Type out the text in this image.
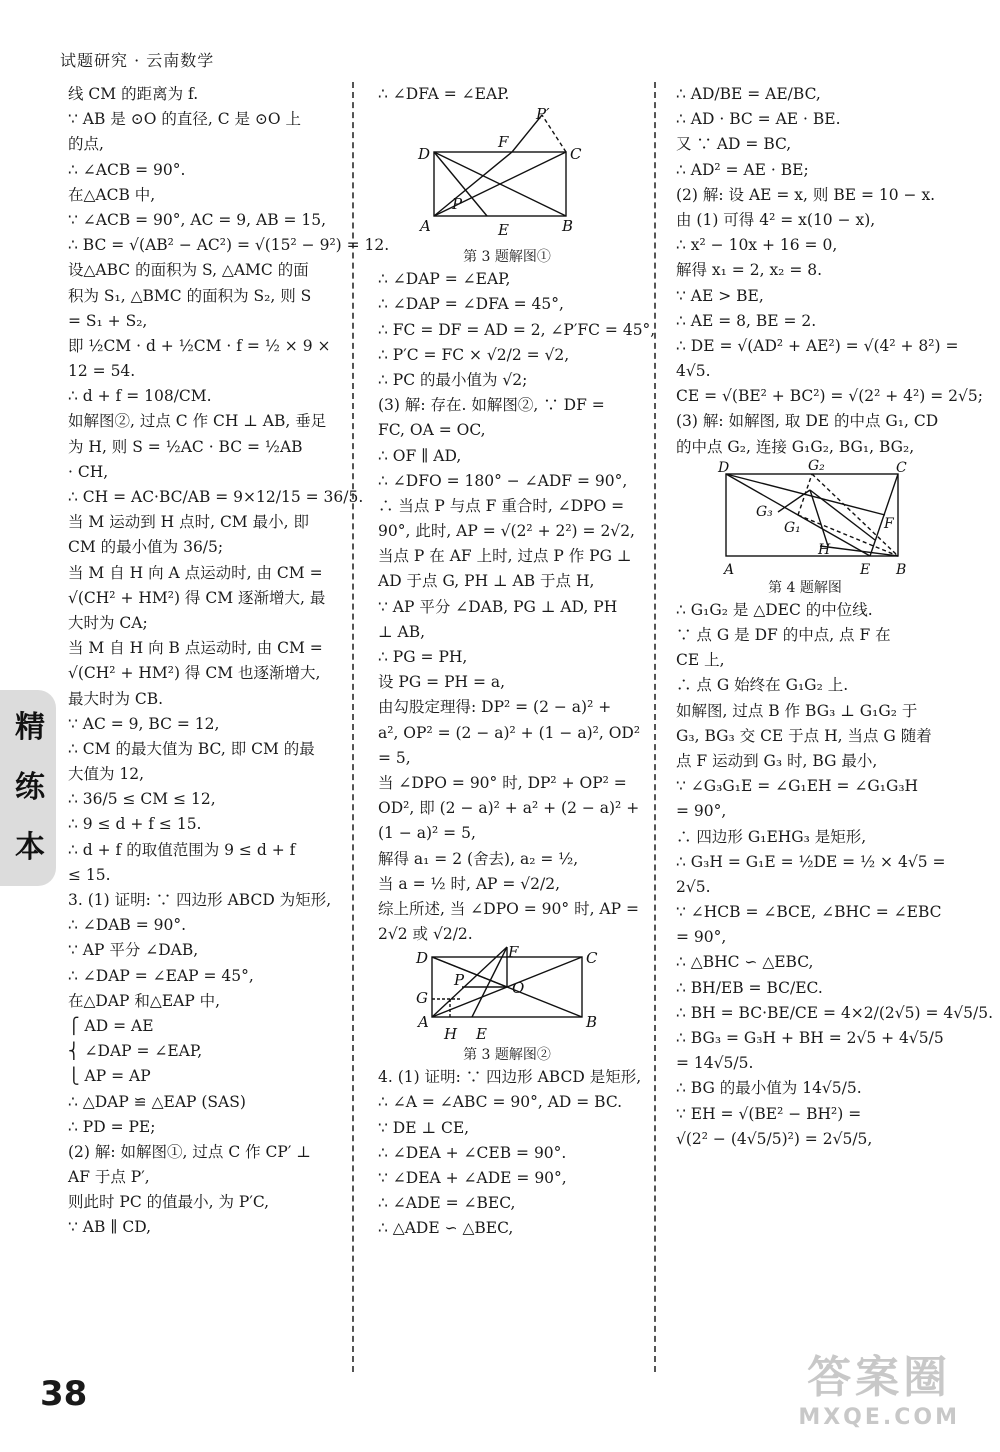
试题研究 · 云南数学
精
练
本
线 CM 的距离为 f.
∵ AB 是 ⊙O 的直径, C 是 ⊙O 上
的点,
∴ ∠ACB = 90°.
在△ACB 中,
∵ ∠ACB = 90°, AC = 9, AB = 15,
∴ BC = √(AB² − AC²) = √(15² − 9²) = 12.
设△ABC 的面积为 S, △AMC 的面
积为 S₁, △BMC 的面积为 S₂, 则 S
= S₁ + S₂,
即 ½CM · d + ½CM · f = ½ × 9 ×
12 = 54.
∴ d + f = 108/CM.
如解图②, 过点 C 作 CH ⊥ AB, 垂足
为 H, 则 S = ½AC · BC = ½AB
· CH,
∴ CH = AC·BC/AB = 9×12/15 = 36/5.
当 M 运动到 H 点时, CM 最小, 即
CM 的最小值为 36/5;
当 M 自 H 向 A 点运动时, 由 CM =
√(CH² + HM²) 得 CM 逐渐增大, 最
大时为 CA;
当 M 自 H 向 B 点运动时, 由 CM =
√(CH² + HM²) 得 CM 也逐渐增大,
最大时为 CB.
∵ AC = 9, BC = 12,
∴ CM 的最大值为 BC, 即 CM 的最
大值为 12,
∴ 36/5 ≤ CM ≤ 12,
∴ 9 ≤ d + f ≤ 15.
∴ d + f 的取值范围为 9 ≤ d + f
≤ 15.
3. (1) 证明: ∵ 四边形 ABCD 为矩形,
∴ ∠DAB = 90°.
∵ AP 平分 ∠DAB,
∴ ∠DAP = ∠EAP = 45°,
在△DAP 和△EAP 中,
⎧ AD = AE
⎨ ∠DAP = ∠EAP,
⎩ AP = AP
∴ △DAP ≌ △EAP (SAS)
∴ PD = PE;
(2) 解: 如解图①, 过点 C 作 CP′ ⊥
AF 于点 P′,
则此时 PC 的值最小, 为 P′C,
∵ AB ∥ CD,
∴ ∠DFA = ∠EAP.
P′
F
D	C
A
P
E	B
第 3 题解图①
∴ ∠DAP = ∠EAP,
∴ ∠DAP = ∠DFA = 45°,
∴ FC = DF = AD = 2, ∠P′FC = 45°,
∴ P′C = FC × √2/2 = √2,
∴ PC 的最小值为 √2;
(3) 解: 存在. 如解图②, ∵ DF =
FC, OA = OC,
∴ OF ∥ AD,
∴ ∠DFO = 180° − ∠ADF = 90°,
∴ 当点 P 与点 F 重合时, ∠DPO =
90°, 此时, AP = √(2² + 2²) = 2√2,
当点 P 在 AF 上时, 过点 P 作 PG ⊥
AD 于点 G, PH ⊥ AB 于点 H,
∵ AP 平分 ∠DAB, PG ⊥ AD, PH
⊥ AB,
∴ PG = PH,
设 PG = PH = a,
由勾股定理得: DP² = (2 − a)² +
a², OP² = (2 − a)² + (1 − a)², OD²
= 5,
当 ∠DPO = 90° 时, DP² + OP² =
OD², 即 (2 − a)² + a² + (2 − a)² +
(1 − a)² = 5,
解得 a₁ = 2 (舍去), a₂ = ½,
当 a = ½ 时, AP = √2/2,
综上所述, 当 ∠DPO = 90° 时, AP =
2√2 或 √2/2.
D	F	C
G
P	O
A
H E
B
第 3 题解图②
4. (1) 证明: ∵ 四边形 ABCD 是矩形,
∴ ∠A = ∠ABC = 90°, AD = BC.
∵ DE ⊥ CE,
∴ ∠DEA + ∠CEB = 90°.
∵ ∠DEA + ∠ADE = 90°,
∴ ∠ADE = ∠BEC,
∴ △ADE ∽ △BEC,
∴ AD/BE = AE/BC,
∴ AD · BC = AE · BE.
又 ∵ AD = BC,
∴ AD² = AE · BE;
(2) 解: 设 AE = x, 则 BE = 10 − x.
由 (1) 可得 4² = x(10 − x),
∴ x² − 10x + 16 = 0,
解得 x₁ = 2, x₂ = 8.
∵ AE > BE,
∴ AE = 8, BE = 2.
∴ DE = √(AD² + AE²) = √(4² + 8²) =
4√5.
CE = √(BE² + BC²) = √(2² + 4²) = 2√5;
(3) 解: 如解图, 取 DE 的中点 G₁, CD
的中点 G₂, 连接 G₁G₂, BG₁, BG₂,
D	G₂	C
G₃
G₁	F
H
A	E B
第 4 题解图
∴ G₁G₂ 是 △DEC 的中位线.
∵ 点 G 是 DF 的中点, 点 F 在
CE 上,
∴ 点 G 始终在 G₁G₂ 上.
如解图, 过点 B 作 BG₃ ⊥ G₁G₂ 于
G₃, BG₃ 交 CE 于点 H, 当点 G 随着
点 F 运动到 G₃ 时, BG 最小,
∵ ∠G₃G₁E = ∠G₁EH = ∠G₁G₃H
= 90°,
∴ 四边形 G₁EHG₃ 是矩形,
∴ G₃H = G₁E = ½DE = ½ × 4√5 =
2√5.
∵ ∠HCB = ∠BCE, ∠BHC = ∠EBC
= 90°,
∴ △BHC ∽ △EBC,
∴ BH/EB = BC/EC.
∴ BH = BC·BE/CE = 4×2/(2√5) = 4√5/5.
∴ BG₃ = G₃H + BH = 2√5 + 4√5/5
= 14√5/5.
∴ BG 的最小值为 14√5/5.
∵ EH = √(BE² − BH²) =
√(2² − (4√5/5)²) = 2√5/5,
38	答案圈
MXQE.COM
